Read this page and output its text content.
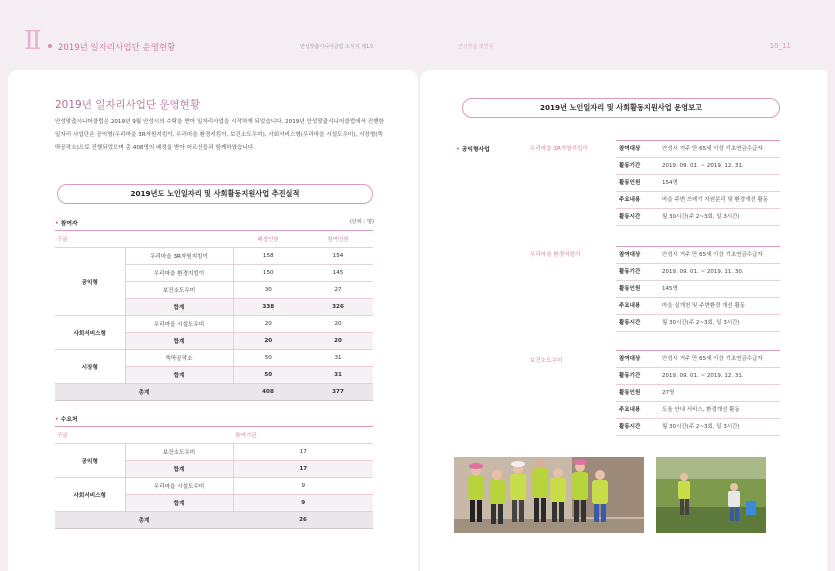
Ⅱ 2019년 일자리사업단 운영현황	안성맞춤시니어클럽 소식지 제1호	안성맞춤 희망풍	10_11
2019년 일자리사업단 운영현황
안성맞춤시니어클럽은 2019년 9월 안성시의 수탁을 받아 일자리사업을 시작하게 되었습니다. 2019년 안성맞춤시니어클럽에서 진행한 일자리 사업단은 공익형(우리마을 3R자원지킴이, 우리마을 환경지킴이, 보건소도우미), 사회서비스형(우리마을 시설도우미), 시장형(뚝딱공작소)으로 진행되었으며 총 408명의 배정을 받아 어르신들과 함께하였습니다.
2019년도 노인일자리 및 사회활동지원사업 추진실적
• 참여자	(단위 : 명)
구분		배정인원	참여인원
공익형	우리마을 3R자원지킴이	158	154
	우리마을 환경지킴이	150	145
	보건소도우미	30	27
	합계	338	326
사회서비스형	우리마을 시설도우미	20	20
	합계	20	20
시장형	뚝딱공작소	50	31
	합계	50	31
총계		408	377
• 수요처
구분		참여기관
공익형	보건소도우미	17
	합계	17
사회서비스형	우리마을 시설도우미	9
	합계	9
총계		26
2019년 노인일자리 및 사회활동지원사업 운영보고
• 공익형사업	우리마을 3R자원지킴이	참여대상	안성시 거주 만 65세 이상 기초연금수급자
활동기간	2019. 09. 01. ~ 2019. 12. 31.
활동인원	154명
주요내용	마을 주변 쓰레기 자원분리 및 환경개선 활동
활동시간	월 30시간(주 2~3회, 일 3시간)
우리마을 환경지킴이	참여대상	안성시 거주 만 65세 이상 기초연금수급자
활동기간	2019. 09. 01. ~ 2019. 11. 30.
활동인원	145명
주요내용	마을 실개천 및 주변환경 개선 활동
활동시간	월 30시간(주 2~3회, 일 3시간)
보건소도우미	참여대상	안성시 거주 만 65세 이상 기초연금수급자
활동기간	2019. 09. 01. ~ 2019. 12. 31.
활동인원	27명
주요내용	도움 안내 서비스, 환경개선 활동
활동시간	월 30시간(주 2~3회, 일 3시간)
